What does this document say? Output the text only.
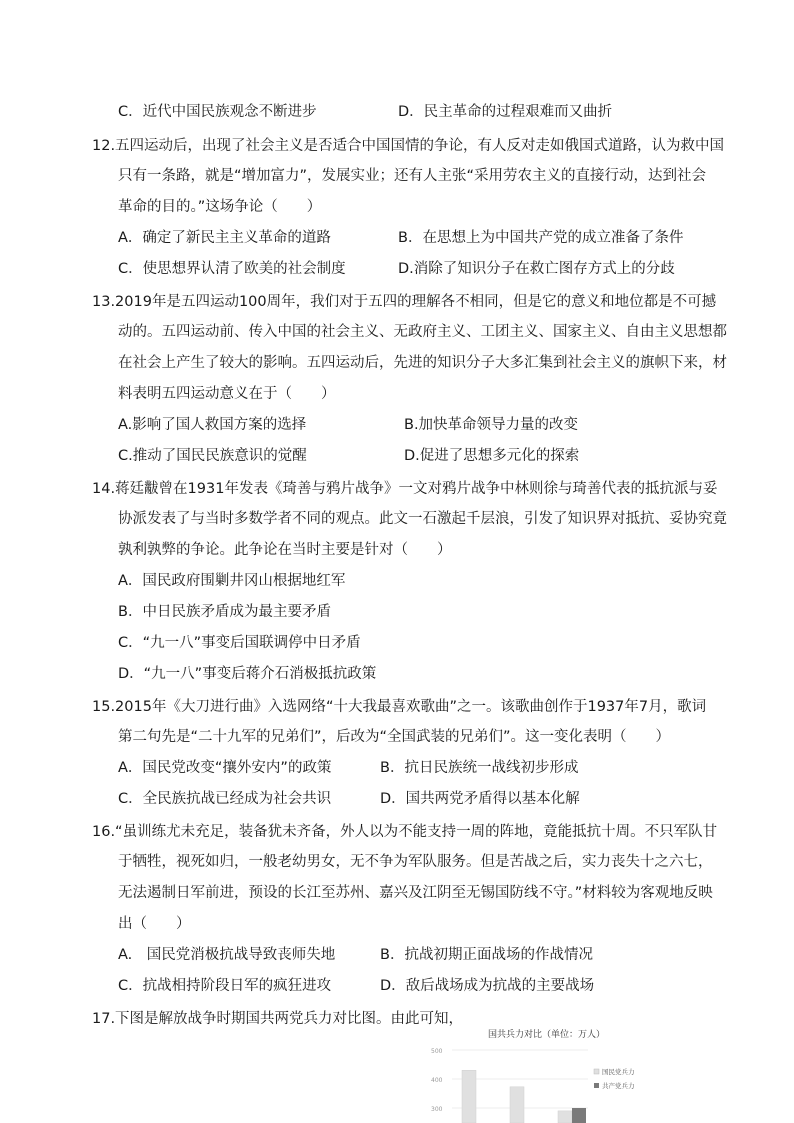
C．近代中国民族观念不断进步	D．民主革命的过程艰难而又曲折
12.五四运动后，出现了社会主义是否适合中国国情的争论，有人反对走如俄国式道路，认为救中国
只有一条路，就是“增加富力”，发展实业；还有人主张“采用劳农主义的直接行动，达到社会
革命的目的。”这场争论（　　）
A．确定了新民主主义革命的道路	B．在思想上为中国共产党的成立准备了条件
C．使思想界认清了欧美的社会制度	D.消除了知识分子在救亡图存方式上的分歧
13.2019年是五四运动100周年，我们对于五四的理解各不相同，但是它的意义和地位都是不可撼
动的。五四运动前、传入中国的社会主义、无政府主义、工团主义、国家主义、自由主义思想都
在社会上产生了较大的影响。五四运动后，先进的知识分子大多汇集到社会主义的旗帜下来，材
料表明五四运动意义在于（　　）
A.影响了国人救国方案的选择	B.加快革命领导力量的改变
C.推动了国民民族意识的觉醒	D.促进了思想多元化的探索
14.蒋廷黻曾在1931年发表《琦善与鸦片战争》一文对鸦片战争中林则徐与琦善代表的抵抗派与妥
协派发表了与当时多数学者不同的观点。此文一石激起千层浪，引发了知识界对抵抗、妥协究竟
孰利孰弊的争论。此争论在当时主要是针对（　　）
A．国民政府围剿井冈山根据地红军
B．中日民族矛盾成为最主要矛盾
C．“九一八”事变后国联调停中日矛盾
D．“九一八”事变后蒋介石消极抵抗政策
15.2015年《大刀进行曲》入选网络“十大我最喜欢歌曲”之一。该歌曲创作于1937年7月，歌词
第二句先是“二十九军的兄弟们”，后改为“全国武装的兄弟们”。这一变化表明（　　）
A．国民党改变“攘外安内”的政策	B．抗日民族统一战线初步形成
C．全民族抗战已经成为社会共识	D．国共两党矛盾得以基本化解
16.“虽训练尤未充足，装备犹未齐备，外人以为不能支持一周的阵地，竟能抵抗十周。不只军队甘
于牺牲，视死如归，一般老幼男女，无不争为军队服务。但是苦战之后，实力丧失十之六七，
无法遏制日军前进，预设的长江至苏州、嘉兴及江阴至无锡国防线不守。”材料较为客观地反映
出（　　）
A.　国民党消极抗战导致丧师失地	B．抗战初期正面战场的作战情况
C．抗战相持阶段日军的疯狂进攻	D．敌后战场成为抗战的主要战场
17.下图是解放战争时期国共两党兵力对比图。由此可知，
国共兵力对比（单位：万人）
500
400
300
国民党兵力
共产党兵力
